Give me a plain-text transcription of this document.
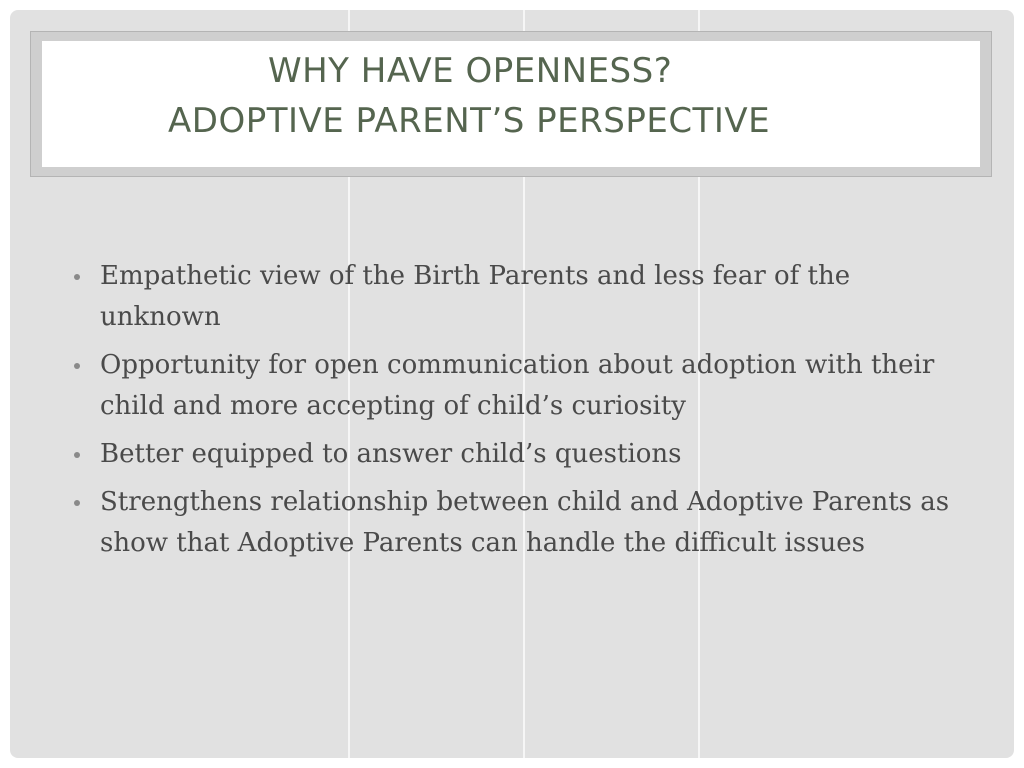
WHY HAVE OPENNESS?
ADOPTIVE PARENT’S PERSPECTIVE
Empathetic view of the Birth Parents and less fear of the unknown
Opportunity for open communication about adoption with their child and more accepting of child’s curiosity
Better equipped to answer child’s questions
Strengthens relationship between child and Adoptive Parents as show that Adoptive Parents can handle the difficult issues
